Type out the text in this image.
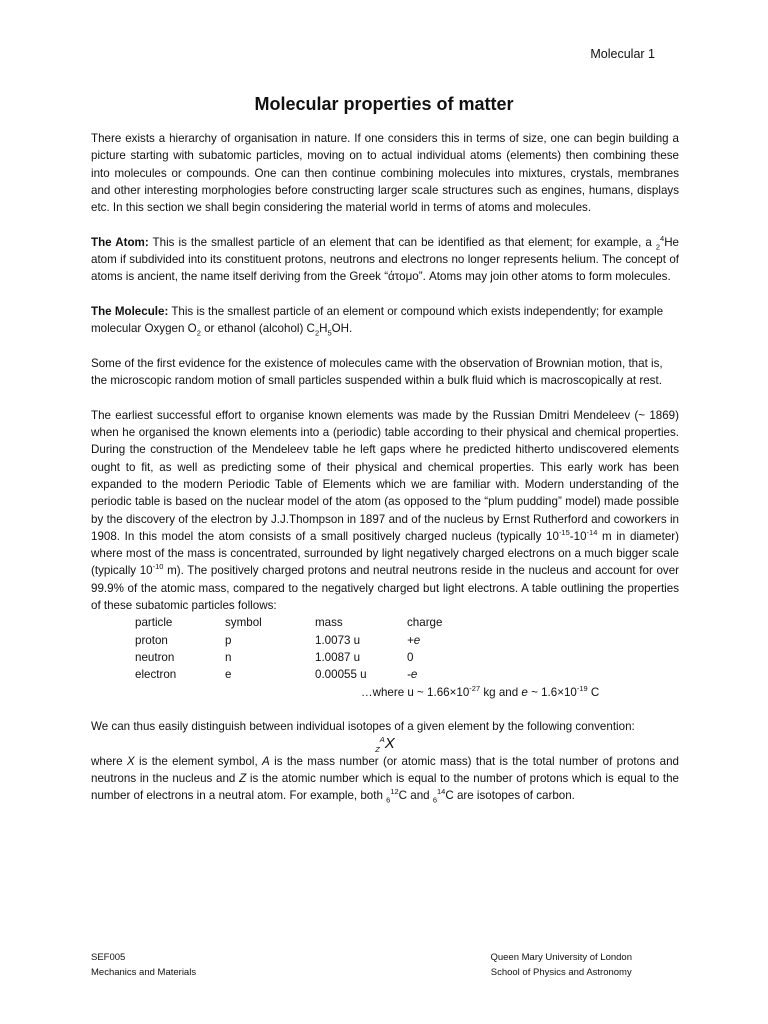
Molecular 1
Molecular properties of matter

There exists a hierarchy of organisation in nature. If one considers this in terms of size, one can begin building a picture starting with subatomic particles, moving on to actual individual atoms (elements) then combining these into molecules or compounds. One can then continue combining molecules into mixtures, crystals, membranes and other interesting morphologies before constructing larger scale structures such as engines, humans, displays etc. In this section we shall begin considering the material world in terms of atoms and molecules.

The Atom: This is the smallest particle of an element that can be identified as that element; for example, a $_2^4$He atom if subdivided into its constituent protons, neutrons and electrons no longer represents helium. The concept of atoms is ancient, the name itself deriving from the Greek “άτομο”. Atoms may join other atoms to form molecules.

The Molecule: This is the smallest particle of an element or compound which exists independently; for example molecular Oxygen $O_2$ or ethanol (alcohol) $C_2H_5OH$.

Some of the first evidence for the existence of molecules came with the observation of Brownian motion, that is, the microscopic random motion of small particles suspended within a bulk fluid which is macroscopically at rest.

The earliest successful effort to organise known elements was made by the Russian Dmitri Mendeleev (~ 1869) when he organised the known elements into a (periodic) table according to their physical and chemical properties. During the construction of the Mendeleev table he left gaps where he predicted hitherto undiscovered elements ought to fit, as well as predicting some of their physical and chemical properties. This early work has been expanded to the modern Periodic Table of Elements which we are familiar with. Modern understanding of the periodic table is based on the nuclear model of the atom (as opposed to the “plum pudding” model) made possible by the discovery of the electron by J.J.Thompson in 1897 and of the nucleus by Ernst Rutherford and coworkers in 1908. In this model the atom consists of a small positively charged nucleus (typically $10^{-15}-10^{-14}$ m in diameter) where most of the mass is concentrated, surrounded by light negatively charged electrons on a much bigger scale (typically $10^{-10}$ m). The positively charged protons and neutral neutrons reside in the nucleus and account for over 99.9% of the atomic mass, compared to the negatively charged but light electrons. A table outlining the properties of these subatomic particles follows:

particle	symbol	mass	charge
proton	p	1.0073 u	+e
neutron	n	1.0087 u	0
electron	e	0.00055 u	-e
…where u ~ $1.66\times 10^{-27}$ kg and e ~ $1.6\times 10^{-19}$ C

We can thus easily distinguish between individual isotopes of a given element by the following convention:

$_Z^A$X

where X is the element symbol, A is the mass number (or atomic mass) that is the total number of protons and neutrons in the nucleus and Z is the atomic number which is equal to the number of protons which is equal to the number of electrons in a neutral atom. For example, both $_6^{12}$C and $_6^{14}$C are isotopes of carbon.

SEF005
Mechanics and Materials
Queen Mary University of London
School of Physics and Astronomy
